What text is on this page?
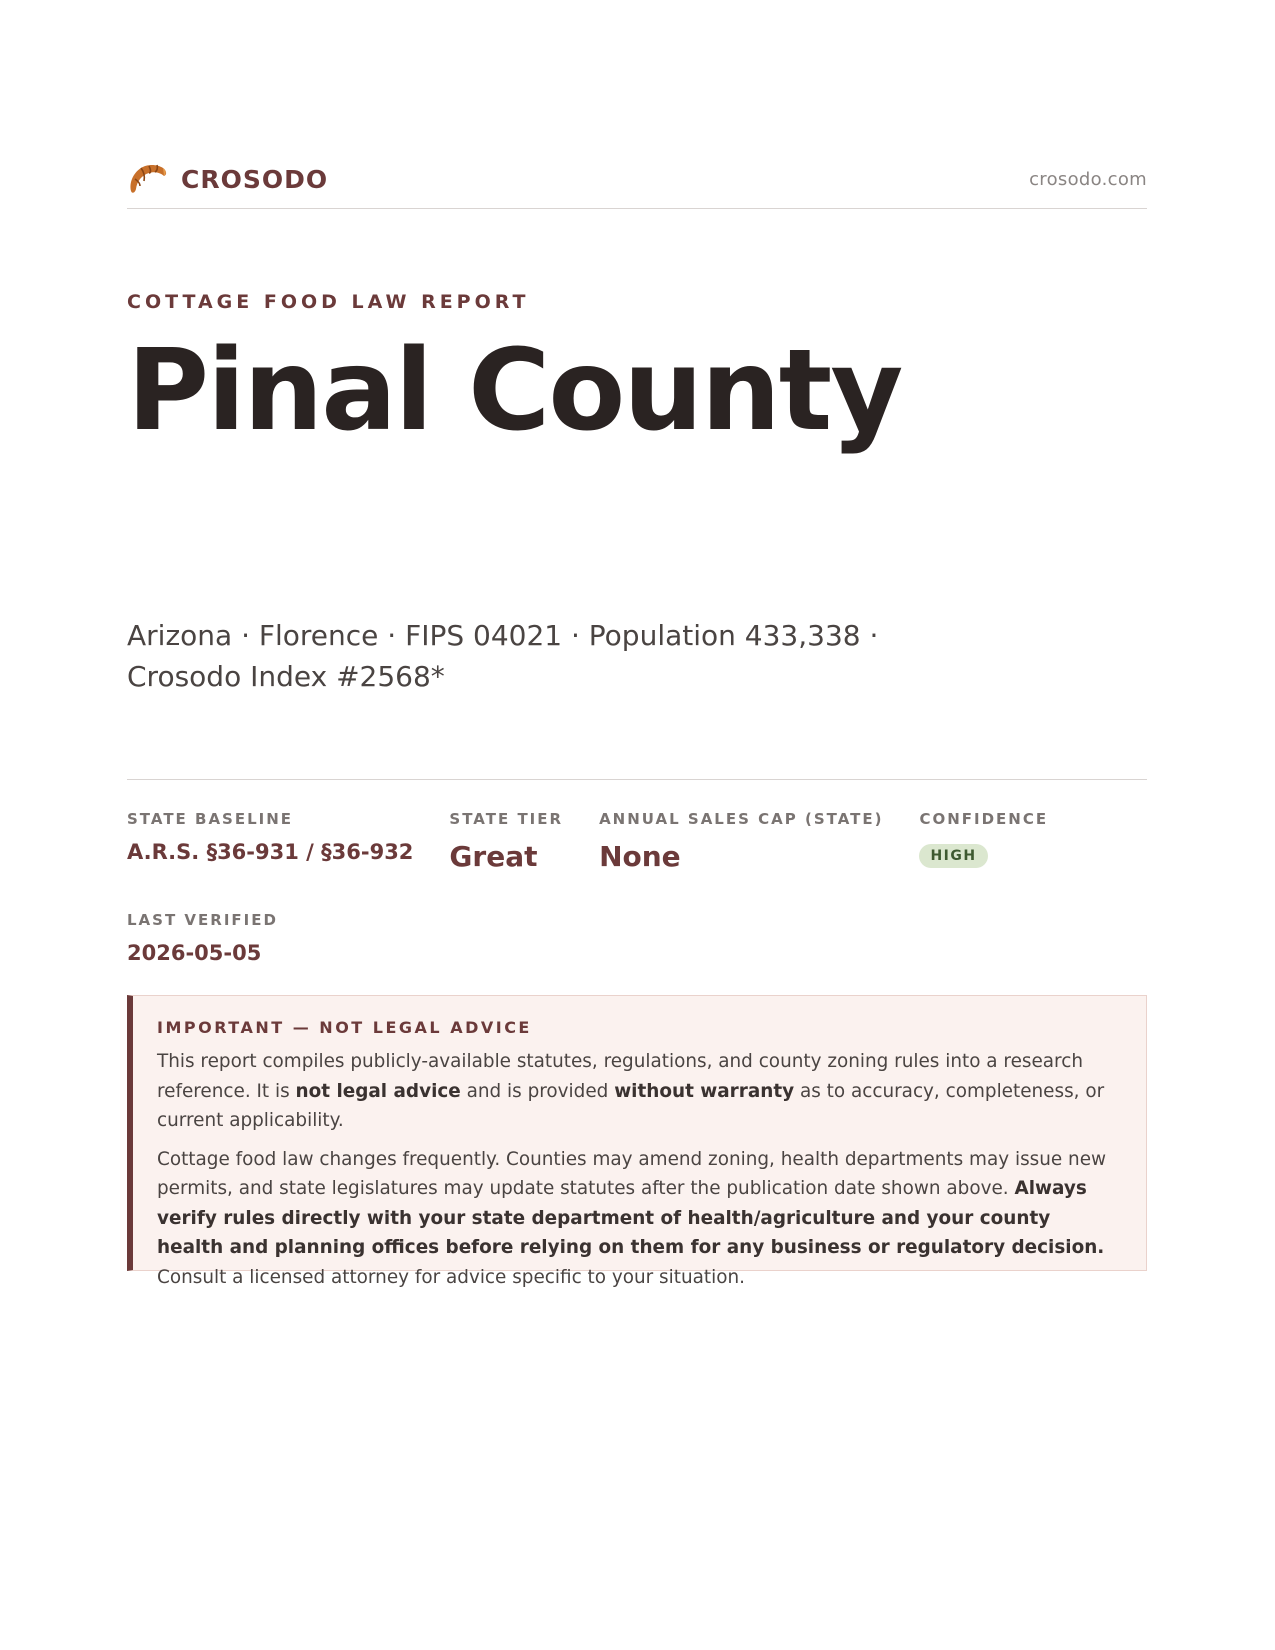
CROSODO	crosodo.com
COTTAGE FOOD LAW REPORT
Pinal County
Arizona · Florence · FIPS 04021 · Population 433,338 ·
Crosodo Index #2568*
STATE BASELINE
A.R.S. §36-931 / §36-932
STATE TIER
Great
ANNUAL SALES CAP (STATE)
None
CONFIDENCE
HIGH
LAST VERIFIED
2026-05-05
IMPORTANT — NOT LEGAL ADVICE

This report compiles publicly-available statutes, regulations, and county zoning rules into a research reference. It is not legal advice and is provided without warranty as to accuracy, completeness, or current applicability.

Cottage food law changes frequently. Counties may amend zoning, health departments may issue new permits, and state legislatures may update statutes after the publication date shown above. Always verify rules directly with your state department of health/agriculture and your county health and planning offices before relying on them for any business or regulatory decision. Consult a licensed attorney for advice specific to your situation.
